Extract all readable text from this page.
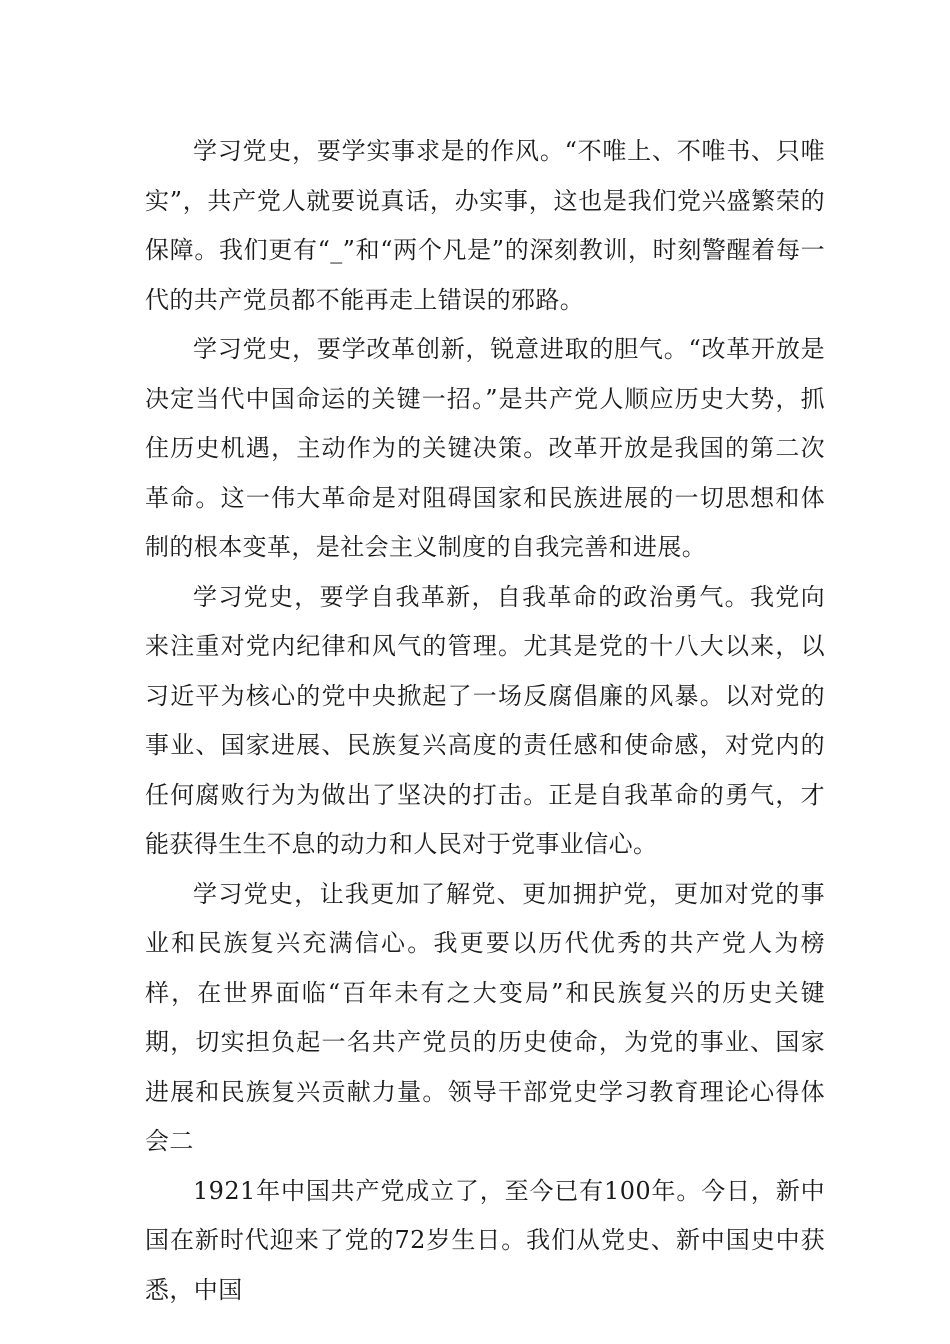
学习党史，要学实事求是的作风。“不唯上、不唯书、只唯实”，共产党人就要说真话，办实事，这也是我们党兴盛繁荣的保障。我们更有“_”和“两个凡是”的深刻教训，时刻警醒着每一代的共产党员都不能再走上错误的邪路。

学习党史，要学改革创新，锐意进取的胆气。“改革开放是决定当代中国命运的关键一招。”是共产党人顺应历史大势，抓住历史机遇，主动作为的关键决策。改革开放是我国的第二次革命。这一伟大革命是对阻碍国家和民族进展的一切思想和体制的根本变革，是社会主义制度的自我完善和进展。

学习党史，要学自我革新，自我革命的政治勇气。我党向来注重对党内纪律和风气的管理。尤其是党的十八大以来，以习近平为核心的党中央掀起了一场反腐倡廉的风暴。以对党的事业、国家进展、民族复兴高度的责任感和使命感，对党内的任何腐败行为为做出了坚决的打击。正是自我革命的勇气，才能获得生生不息的动力和人民对于党事业信心。

学习党史，让我更加了解党、更加拥护党，更加对党的事业和民族复兴充满信心。我更要以历代优秀的共产党人为榜样，在世界面临“百年未有之大变局”和民族复兴的历史关键期，切实担负起一名共产党员的历史使命，为党的事业、国家进展和民族复兴贡献力量。领导干部党史学习教育理论心得体会二

1921年中国共产党成立了，至今已有100年。今日，新中国在新时代迎来了党的72岁生日。我们从党史、新中国史中获悉，中国
